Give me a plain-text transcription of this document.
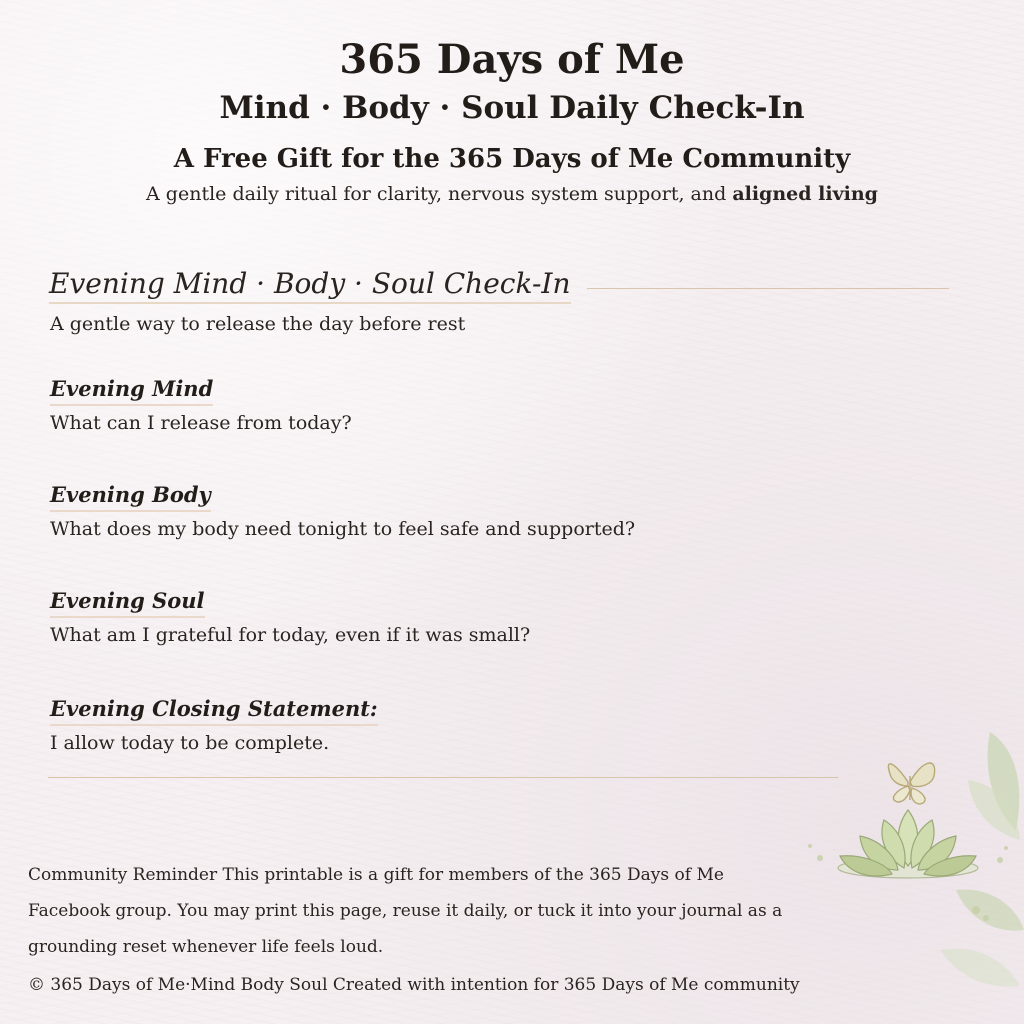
365 Days of Me
Mind · Body · Soul Daily Check-In
A Free Gift for the 365 Days of Me Community

A gentle daily ritual for clarity, nervous system support, and aligned living

Evening Mind · Body · Soul Check-In
A gentle way to release the day before rest
Evening Mind
What can I release from today?
Evening Body
What does my body need tonight to feel safe and supported?
Evening Soul
What am I grateful for today, even if it was small?
Evening Closing Statement:
I allow today to be complete.
Community Reminder This printable is a gift for members of the 365 Days of Me
Facebook group. You may print this page, reuse it daily, or tuck it into your journal as a
grounding reset whenever life feels loud.
© 365 Days of Me·Mind Body Soul Created with intention for 365 Days of Me community
